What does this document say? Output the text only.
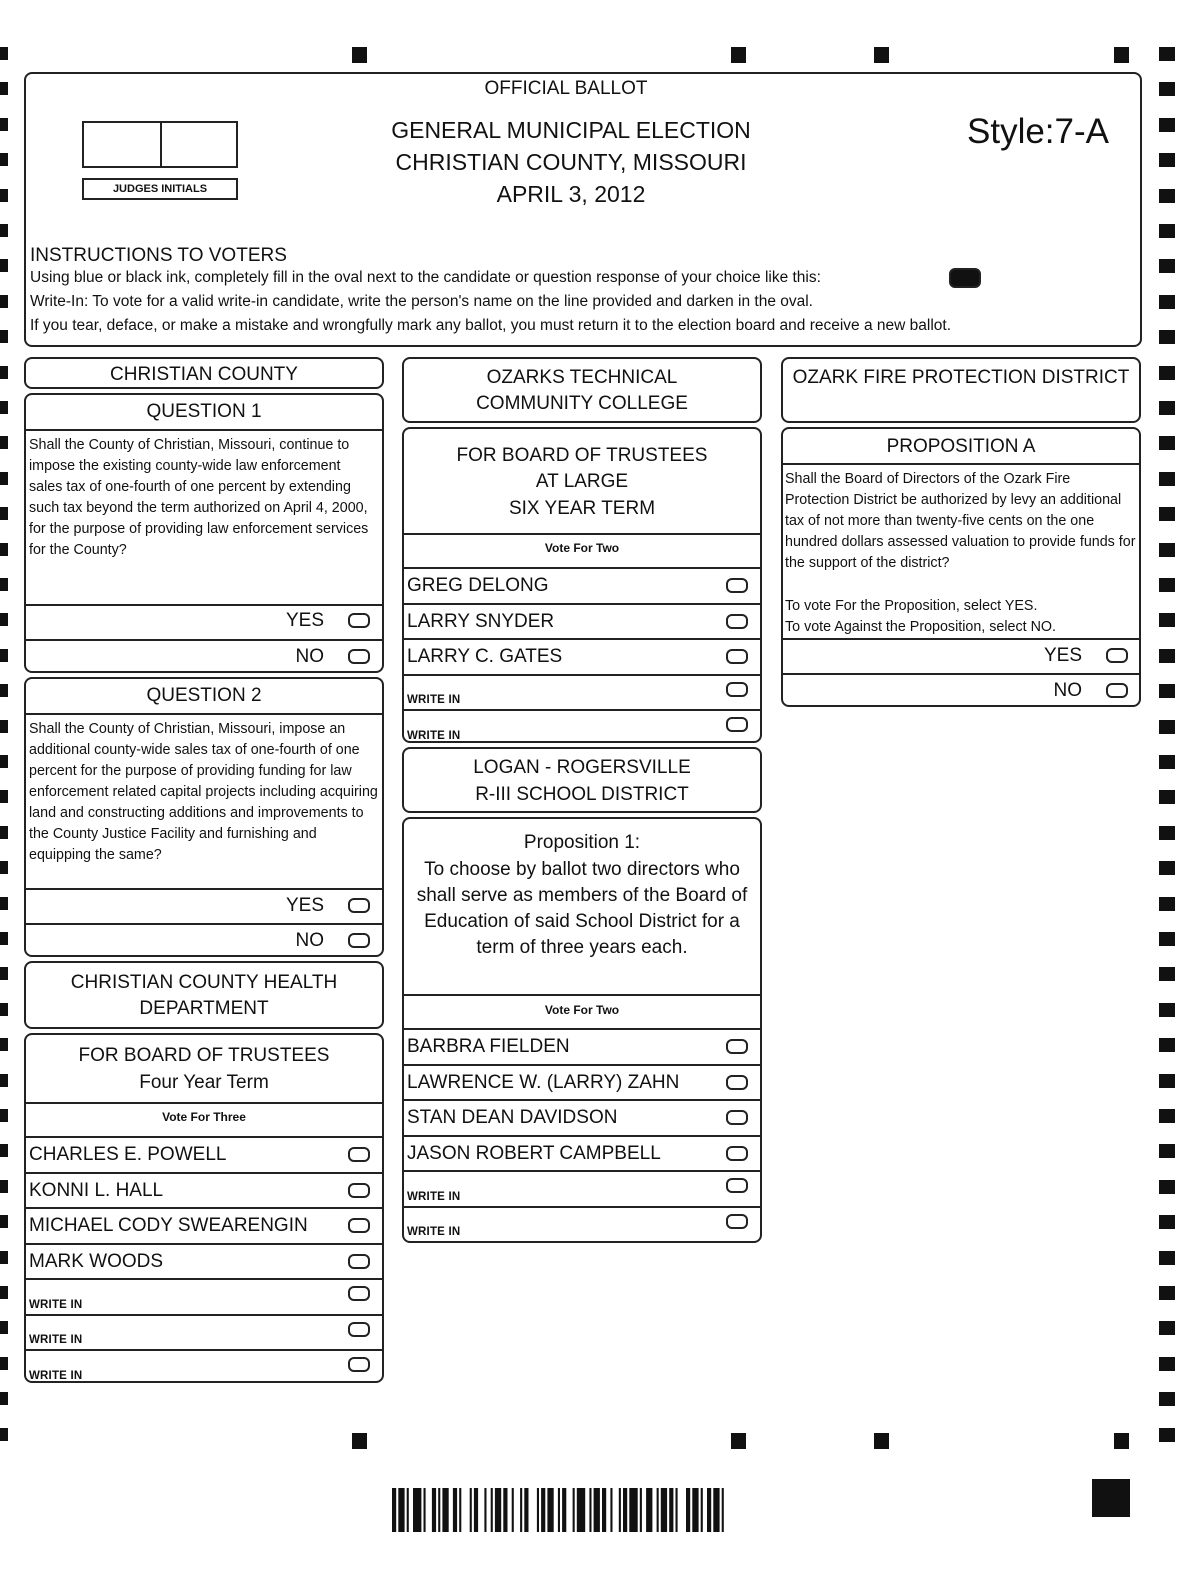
OFFICIAL BALLOT
GENERAL MUNICIPAL ELECTION
CHRISTIAN COUNTY, MISSOURI
APRIL 3, 2012
Style:7-A
JUDGES INITIALS
INSTRUCTIONS TO VOTERS
Using blue or black ink, completely fill in the oval next to the candidate or question response of your choice like this:
Write-In: To vote for a valid write-in candidate, write the person's name on the line provided and darken in the oval.
If you tear, deface, or make a mistake and wrongfully mark any ballot, you must return it to the election board and receive a new ballot.
CHRISTIAN COUNTY
QUESTION 1
Shall the County of Christian, Missouri, continue to impose the existing county-wide law enforcement sales tax of one-fourth of one percent by extending such tax beyond the term authorized on April 4, 2000, for the purpose of providing law enforcement services for the County?
YES
NO
QUESTION 2
Shall the County of Christian, Missouri, impose an additional county-wide sales tax of one-fourth of one percent for the purpose of providing funding for law enforcement related capital projects including acquiring land and constructing additions and improvements to the County Justice Facility and furnishing and equipping the same?
YES
NO
CHRISTIAN COUNTY HEALTH DEPARTMENT
FOR BOARD OF TRUSTEES
Four Year Term
Vote For Three
CHARLES E. POWELL
KONNI L. HALL
MICHAEL CODY SWEARENGIN
MARK WOODS
WRITE IN
WRITE IN
WRITE IN
OZARKS TECHNICAL
COMMUNITY COLLEGE
FOR BOARD OF TRUSTEES
AT LARGE
SIX YEAR TERM
Vote For Two
GREG DELONG
LARRY SNYDER
LARRY C. GATES
WRITE IN
WRITE IN
LOGAN - ROGERSVILLE
R-III SCHOOL DISTRICT
Proposition 1:
To choose by ballot two directors who
shall serve as members of the Board of
Education of said School District for a
term of three years each.
Vote For Two
BARBRA FIELDEN
LAWRENCE W. (LARRY) ZAHN
STAN DEAN DAVIDSON
JASON ROBERT CAMPBELL
WRITE IN
WRITE IN
OZARK FIRE PROTECTION DISTRICT
PROPOSITION A
Shall the Board of Directors of the Ozark Fire Protection District be authorized by levy an additional tax of not more than twenty-five cents on the one hundred dollars assessed valuation to provide funds for the support of the district?
To vote For the Proposition, select YES.
To vote Against the Proposition, select NO.
YES
NO
